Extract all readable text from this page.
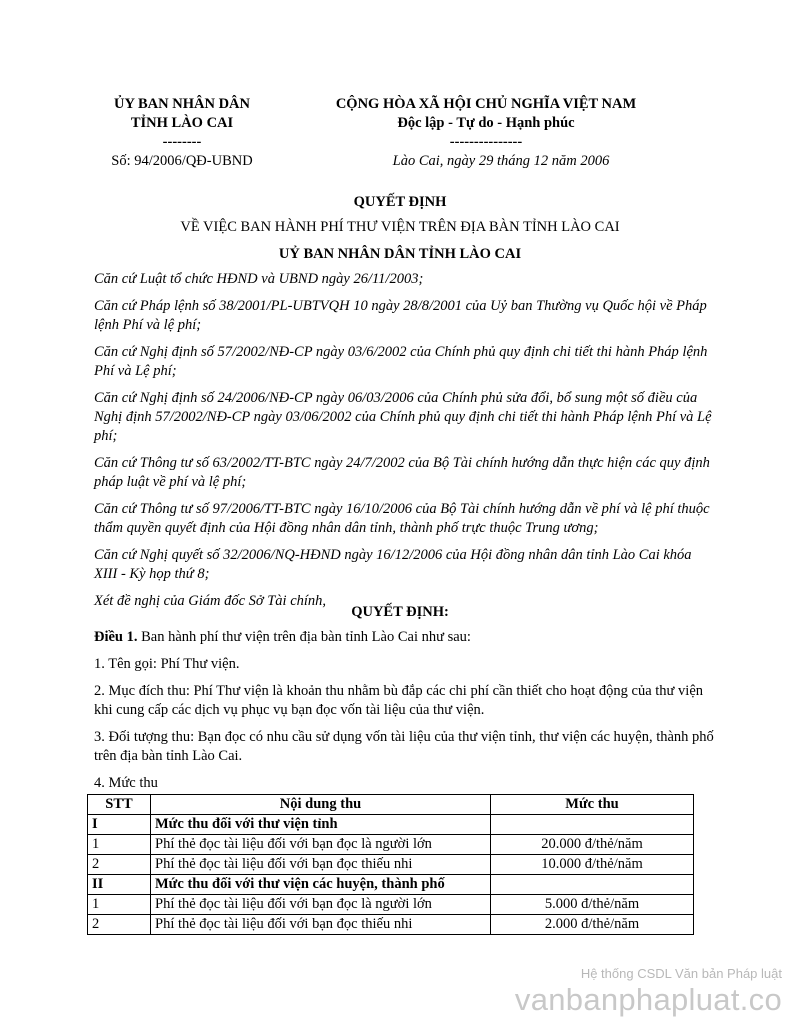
ỦY BAN NHÂN DÂN
TỈNH LÀO CAI
--------
Số: 94/2006/QĐ-UBND
CỘNG HÒA XÃ HỘI CHỦ NGHĨA VIỆT NAM
Độc lập - Tự do - Hạnh phúc
---------------
Lào Cai, ngày 29 tháng 12 năm 2006
QUYẾT ĐỊNH
VỀ VIỆC BAN HÀNH PHÍ THƯ VIỆN TRÊN ĐỊA BÀN TỈNH LÀO CAI
UỶ BAN NHÂN DÂN TỈNH LÀO CAI

Căn cứ Luật tổ chức HĐND và UBND ngày 26/11/2003;

Căn cứ Pháp lệnh số 38/2001/PL-UBTVQH 10 ngày 28/8/2001 của Uỷ ban Thường vụ Quốc hội về Pháp lệnh Phí và lệ phí;

Căn cứ Nghị định số 57/2002/NĐ-CP ngày 03/6/2002 của Chính phủ quy định chi tiết thi hành Pháp lệnh Phí và Lệ phí;

Căn cứ Nghị định số 24/2006/NĐ-CP ngày 06/03/2006 của Chính phủ sửa đổi, bổ sung một số điều của Nghị định 57/2002/NĐ-CP ngày 03/06/2002 của Chính phủ quy định chi tiết thi hành Pháp lệnh Phí và Lệ phí;

Căn cứ Thông tư số 63/2002/TT-BTC ngày 24/7/2002 của Bộ Tài chính hướng dẫn thực hiện các quy định pháp luật về phí và lệ phí;

Căn cứ Thông tư số 97/2006/TT-BTC ngày 16/10/2006 của Bộ Tài chính hướng dẫn về phí và lệ phí thuộc thẩm quyền quyết định của Hội đồng nhân dân tỉnh, thành phố trực thuộc Trung ương;

Căn cứ Nghị quyết số 32/2006/NQ-HĐND ngày 16/12/2006 của Hội đồng nhân dân tỉnh Lào Cai khóa XIII - Kỳ họp thứ 8;

Xét đề nghị của Giám đốc Sở Tài chính,

QUYẾT ĐỊNH:

Điều 1. Ban hành phí thư viện trên địa bàn tỉnh Lào Cai như sau:

1. Tên gọi: Phí Thư viện.

2. Mục đích thu: Phí Thư viện là khoản thu nhằm bù đắp các chi phí cần thiết cho hoạt động của thư viện khi cung cấp các dịch vụ phục vụ bạn đọc vốn tài liệu của thư viện.

3. Đối tượng thu: Bạn đọc có nhu cầu sử dụng vốn tài liệu của thư viện tỉnh, thư viện các huyện, thành phố trên địa bàn tỉnh Lào Cai.

4. Mức thu

STT	Nội dung thu	Mức thu
I	Mức thu đối với thư viện tỉnh	
1	Phí thẻ đọc tài liệu đối với bạn đọc là người lớn	20.000 đ/thẻ/năm
2	Phí thẻ đọc tài liệu đối với bạn đọc thiếu nhi	10.000 đ/thẻ/năm
II	Mức thu đối với thư viện các huyện, thành phố	
1	Phí thẻ đọc tài liệu đối với bạn đọc là người lớn	5.000 đ/thẻ/năm
2	Phí thẻ đọc tài liệu đối với bạn đọc thiếu nhi	2.000 đ/thẻ/năm
Hệ thống CSDL Văn bản Pháp luật
vanbanphapluat.co
